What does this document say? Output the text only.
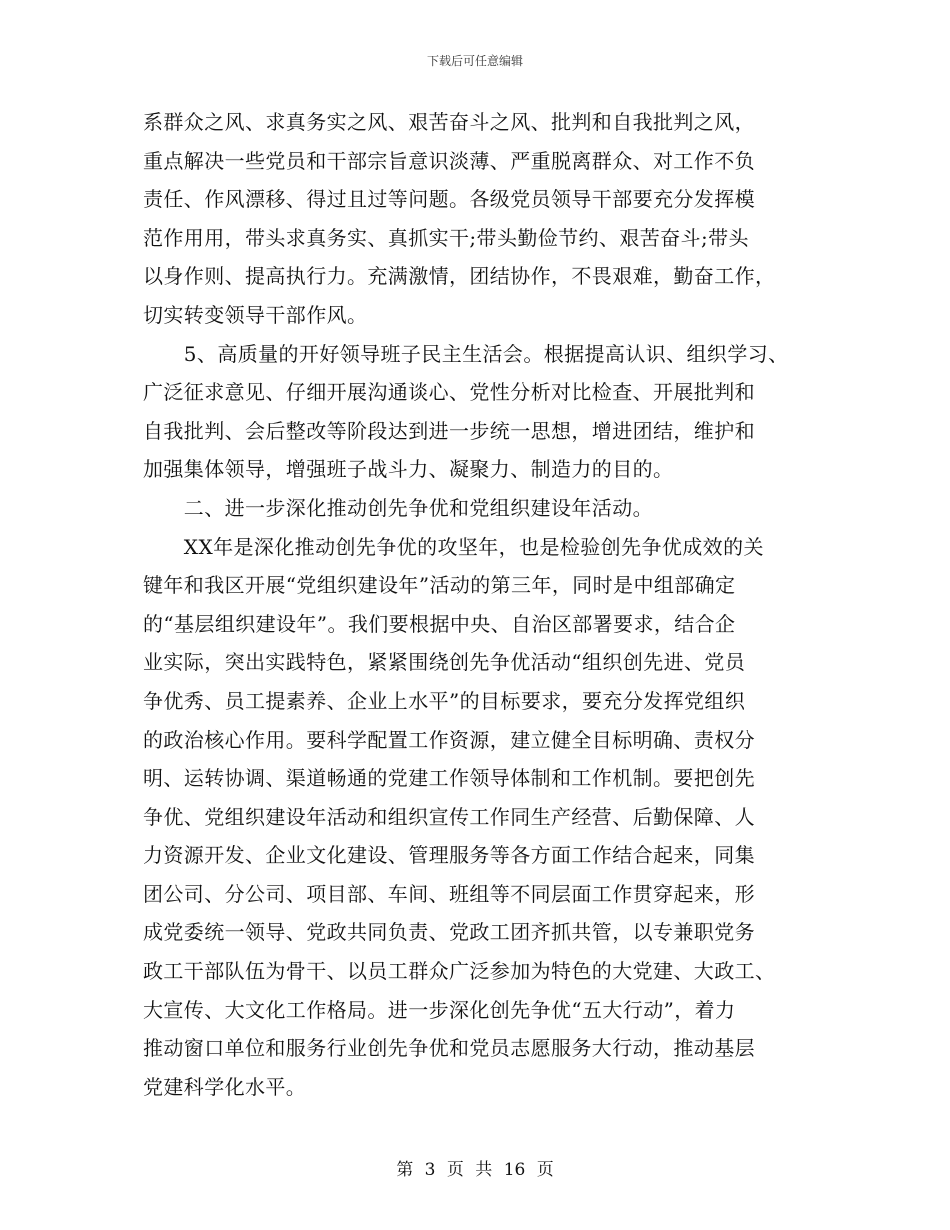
下载后可任意编辑
系群众之风、求真务实之风、艰苦奋斗之风、批判和自我批判之风，
重点解决一些党员和干部宗旨意识淡薄、严重脱离群众、对工作不负
责任、作风漂移、得过且过等问题。各级党员领导干部要充分发挥模
范作用用，带头求真务实、真抓实干;带头勤俭节约、艰苦奋斗;带头
以身作则、提高执行力。充满激情，团结协作，不畏艰难，勤奋工作，
切实转变领导干部作风。
　　5、高质量的开好领导班子民主生活会。根据提高认识、组织学习、
广泛征求意见、仔细开展沟通谈心、党性分析对比检查、开展批判和
自我批判、会后整改等阶段达到进一步统一思想，增进团结，维护和
加强集体领导，增强班子战斗力、凝聚力、制造力的目的。
　　二、进一步深化推动创先争优和党组织建设年活动。
　　XX年是深化推动创先争优的攻坚年，也是检验创先争优成效的关
键年和我区开展“党组织建设年”活动的第三年，同时是中组部确定
的“基层组织建设年”。我们要根据中央、自治区部署要求，结合企
业实际，突出实践特色，紧紧围绕创先争优活动“组织创先进、党员
争优秀、员工提素养、企业上水平”的目标要求，要充分发挥党组织
的政治核心作用。要科学配置工作资源，建立健全目标明确、责权分
明、运转协调、渠道畅通的党建工作领导体制和工作机制。要把创先
争优、党组织建设年活动和组织宣传工作同生产经营、后勤保障、人
力资源开发、企业文化建设、管理服务等各方面工作结合起来，同集
团公司、分公司、项目部、车间、班组等不同层面工作贯穿起来，形
成党委统一领导、党政共同负责、党政工团齐抓共管，以专兼职党务
政工干部队伍为骨干、以员工群众广泛参加为特色的大党建、大政工、
大宣传、大文化工作格局。进一步深化创先争优“五大行动”，着力
推动窗口单位和服务行业创先争优和党员志愿服务大行动，推动基层
党建科学化水平。
第 3 页 共 16 页
